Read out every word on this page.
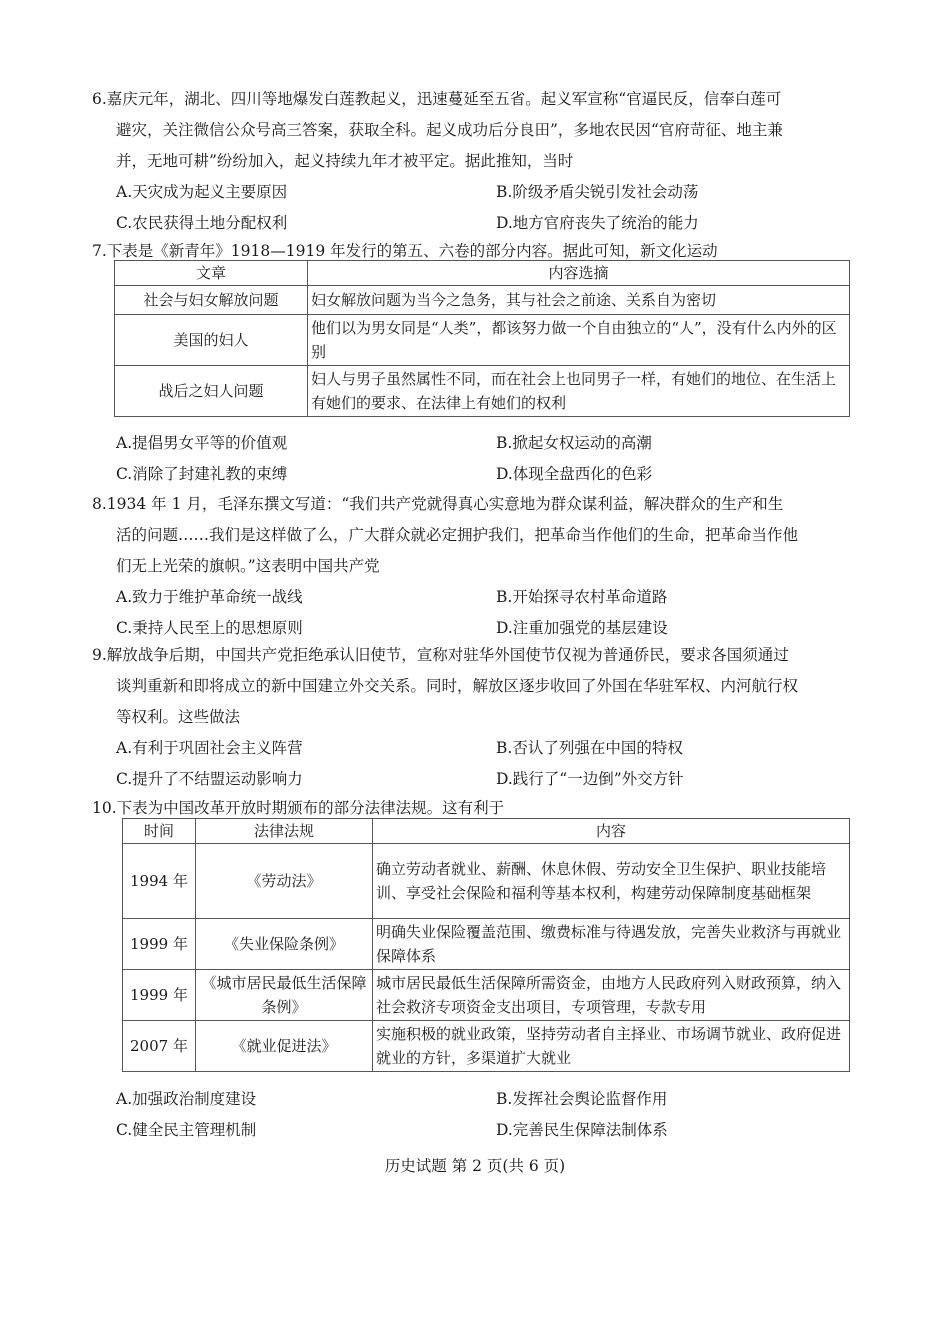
6.嘉庆元年，湖北、四川等地爆发白莲教起义，迅速蔓延至五省。起义军宣称“官逼民反，信奉白莲可

避灾，关注微信公众号高三答案，获取全科。起义成功后分良田”，多地农民因“官府苛征、地主兼

并，无地可耕”纷纷加入，起义持续九年才被平定。据此推知，当时

A.天灾成为起义主要原因	B.阶级矛盾尖锐引发社会动荡
C.农民获得土地分配权利	D.地方官府丧失了统治的能力

7.下表是《新青年》1918—1919 年发行的第五、六卷的部分内容。据此可知，新文化运动

文章	内容选摘
社会与妇女解放问题	妇女解放问题为当今之急务，其与社会之前途、关系自为密切
美国的妇人	他们以为男女同是“人类”，都该努力做一个自由独立的“人”，没有什么内外的区别
战后之妇人问题	妇人与男子虽然属性不同，而在社会上也同男子一样，有她们的地位、在生活上有她们的要求、在法律上有她们的权利
A.提倡男女平等的价值观	B.掀起女权运动的高潮
C.消除了封建礼教的束缚	D.体现全盘西化的色彩

8.1934 年 1 月，毛泽东撰文写道：“我们共产党就得真心实意地为群众谋利益，解决群众的生产和生

活的问题……我们是这样做了么，广大群众就必定拥护我们，把革命当作他们的生命，把革命当作他

们无上光荣的旗帜。”这表明中国共产党

A.致力于维护革命统一战线	B.开始探寻农村革命道路
C.秉持人民至上的思想原则	D.注重加强党的基层建设

9.解放战争后期，中国共产党拒绝承认旧使节，宣称对驻华外国使节仅视为普通侨民，要求各国须通过

谈判重新和即将成立的新中国建立外交关系。同时，解放区逐步收回了外国在华驻军权、内河航行权

等权利。这些做法

A.有利于巩固社会主义阵营	B.否认了列强在中国的特权
C.提升了不结盟运动影响力	D.践行了“一边倒”外交方针

10.下表为中国改革开放时期颁布的部分法律法规。这有利于

时间	法律法规	内容
1994 年	《劳动法》	确立劳动者就业、薪酬、休息休假、劳动安全卫生保护、职业技能培训、享受社会保险和福利等基本权利，构建劳动保障制度基础框架
1999 年	《失业保险条例》	明确失业保险覆盖范围、缴费标准与待遇发放，完善失业救济与再就业保障体系
1999 年	《城市居民最低生活保障条例》	城市居民最低生活保障所需资金，由地方人民政府列入财政预算，纳入社会救济专项资金支出项目，专项管理，专款专用
2007 年	《就业促进法》	实施积极的就业政策，坚持劳动者自主择业、市场调节就业、政府促进就业的方针，多渠道扩大就业
A.加强政治制度建设	B.发挥社会舆论监督作用
C.健全民主管理机制	D.完善民生保障法制体系
历史试题 第 2 页(共 6 页)
